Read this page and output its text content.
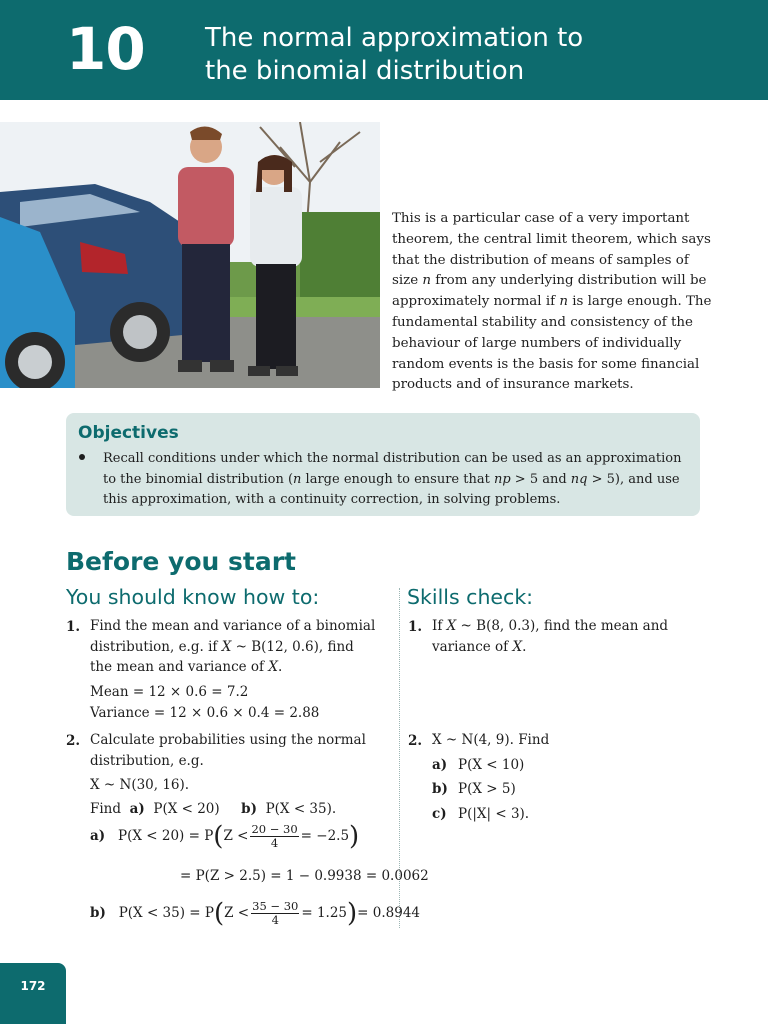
10 The normal approximation to
the binomial distribution
This is a particular case of a very important theorem, the central limit theorem, which says that the distribution of means of samples of size n from any underlying distribution will be approximately normal if n is large enough. The fundamental stability and consistency of the behaviour of large numbers of individually random events is the basis for some financial products and of insurance markets.
Objectives
Recall conditions under which the normal distribution can be used as an approximation to the binomial distribution (n large enough to ensure that np > 5 and nq > 5), and use this approximation, with a continuity correction, in solving problems.
Before you start
You should know how to:	Skills check:
1. Find the mean and variance of a binomial distribution, e.g. if X ~ B(12, 0.6), find the mean and variance of X.
Mean = 12 × 0.6 = 7.2
Variance = 12 × 0.6 × 0.4 = 2.88
2. Calculate probabilities using the normal distribution, e.g.
X ~ N(30, 16).
Find a) P(X < 20) b) P(X < 35).
a) $P(X < 20) = P(Z < \frac{20 - 30}{4} = -2.5)$
= P(Z > 2.5) = 1 − 0.9938 = 0.0062
b) $P(X < 35) = P(Z < \frac{35 - 30}{4} = 1.25)= 0.8944$
1. If X ~ B(8, 0.3), find the mean and variance of X.
2. X ~ N(4, 9). Find
a) P(X < 10)
b) P(X > 5)
c) P(|X| < 3).
172
